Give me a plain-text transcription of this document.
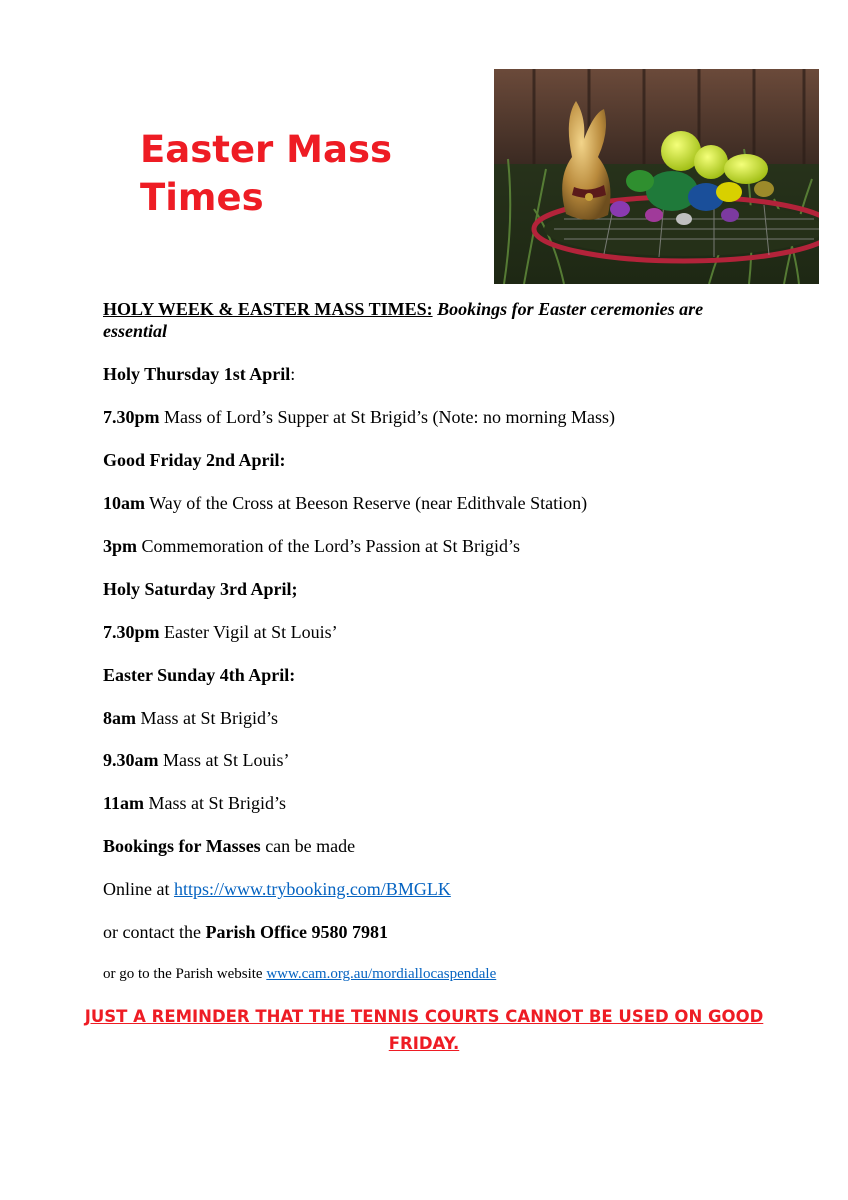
Easter Mass
Times

HOLY WEEK & EASTER MASS TIMES: Bookings for Easter ceremonies are essential

Holy Thursday 1st April:

7.30pm Mass of Lord’s Supper at St Brigid’s (Note: no morning Mass)

Good Friday 2nd April:

10am Way of the Cross at Beeson Reserve (near Edithvale Station)

3pm Commemoration of the Lord’s Passion at St Brigid’s

Holy Saturday 3rd April;

7.30pm Easter Vigil at St Louis’

Easter Sunday 4th April:

8am Mass at St Brigid’s

9.30am Mass at St Louis’

11am Mass at St Brigid’s

Bookings for Masses can be made

Online at https://www.trybooking.com/BMGLK

or contact the Parish Office 9580 7981

or go to the Parish website www.cam.org.au/mordiallocaspendale

JUST A REMINDER THAT THE TENNIS COURTS CANNOT BE USED ON GOOD
FRIDAY.
